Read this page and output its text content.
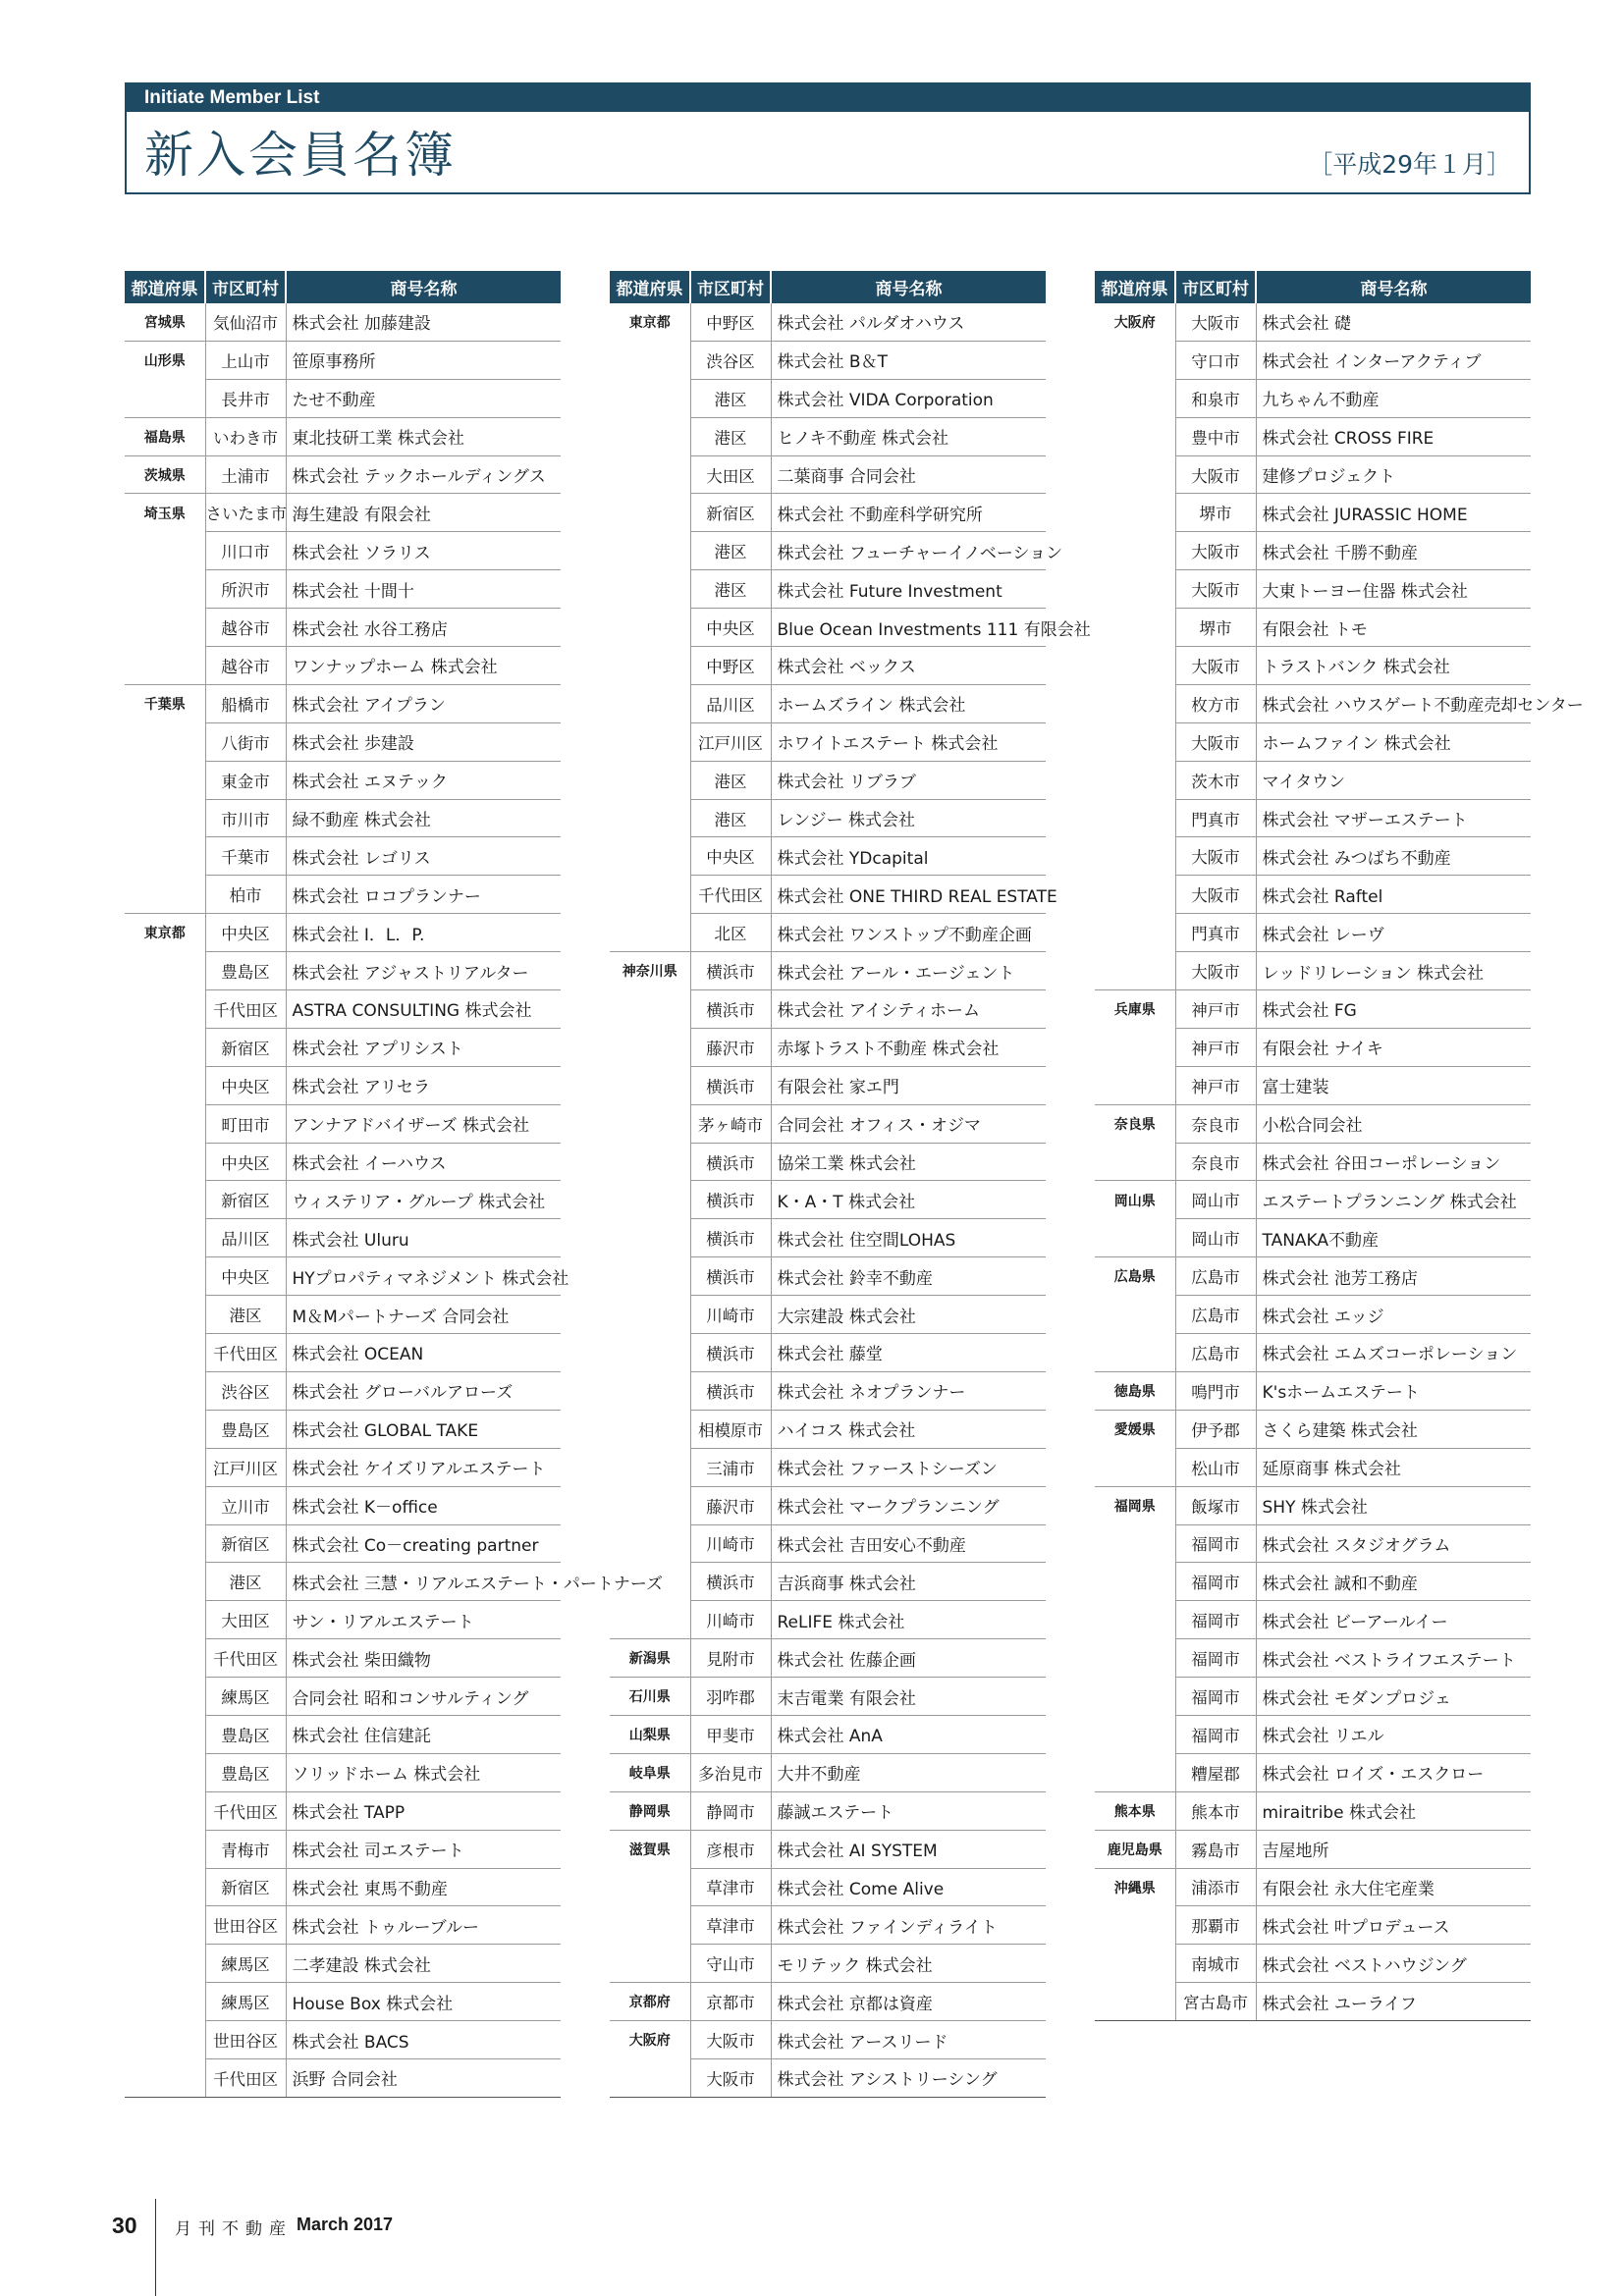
Initiate Member List
新入会員名簿	［平成29年１月］
都道府県	市区町村	商号名称
宮城県	気仙沼市	株式会社 加藤建設
山形県	上山市	笹原事務所
	長井市	たせ不動産
福島県	いわき市	東北技研工業 株式会社
茨城県	土浦市	株式会社 テックホールディングス
埼玉県	さいたま市	海生建設 有限会社
	川口市	株式会社 ソラリス
	所沢市	株式会社 十間十
	越谷市	株式会社 水谷工務店
	越谷市	ワンナップホーム 株式会社
千葉県	船橋市	株式会社 アイプラン
	八街市	株式会社 歩建設
	東金市	株式会社 エヌテック
	市川市	緑不動産 株式会社
	千葉市	株式会社 レゴリス
	柏市	株式会社 ロコプランナー
東京都	中央区	株式会社 I．L．P.
	豊島区	株式会社 アジャストリアルター
	千代田区	ASTRA CONSULTING 株式会社
	新宿区	株式会社 アプリシスト
	中央区	株式会社 アリセラ
	町田市	アンナアドバイザーズ 株式会社
	中央区	株式会社 イーハウス
	新宿区	ウィステリア・グループ 株式会社
	品川区	株式会社 Uluru
	中央区	HYプロパティマネジメント 株式会社
	港区	M＆Mパートナーズ 合同会社
	千代田区	株式会社 OCEAN
	渋谷区	株式会社 グローバルアローズ
	豊島区	株式会社 GLOBAL TAKE
	江戸川区	株式会社 ケイズリアルエステート
	立川市	株式会社 K－office
	新宿区	株式会社 Co－creating partner
	港区	株式会社 三慧・リアルエステート・パートナーズ
	大田区	サン・リアルエステート
	千代田区	株式会社 柴田織物
	練馬区	合同会社 昭和コンサルティング
	豊島区	株式会社 住信建託
	豊島区	ソリッドホーム 株式会社
	千代田区	株式会社 TAPP
	青梅市	株式会社 司エステート
	新宿区	株式会社 東馬不動産
	世田谷区	株式会社 トゥルーブルー
	練馬区	二孝建設 株式会社
	練馬区	House Box 株式会社
	世田谷区	株式会社 BACS
	千代田区	浜野 合同会社
都道府県	市区町村	商号名称
東京都	中野区	株式会社 パルダオハウス
	渋谷区	株式会社 B＆T
	港区	株式会社 VIDA Corporation
	港区	ヒノキ不動産 株式会社
	大田区	二葉商事 合同会社
	新宿区	株式会社 不動産科学研究所
	港区	株式会社 フューチャーイノベーション
	港区	株式会社 Future Investment
	中央区	Blue Ocean Investments 111 有限会社
	中野区	株式会社 ベックス
	品川区	ホームズライン 株式会社
	江戸川区	ホワイトエステート 株式会社
	港区	株式会社 リブラブ
	港区	レンジー 株式会社
	中央区	株式会社 YDcapital
	千代田区	株式会社 ONE THIRD REAL ESTATE
	北区	株式会社 ワンストップ不動産企画
神奈川県	横浜市	株式会社 アール・エージェント
	横浜市	株式会社 アイシティホーム
	藤沢市	赤塚トラスト不動産 株式会社
	横浜市	有限会社 家エ門
	茅ヶ崎市	合同会社 オフィス・オジマ
	横浜市	協栄工業 株式会社
	横浜市	K・A・T 株式会社
	横浜市	株式会社 住空間LOHAS
	横浜市	株式会社 鈴幸不動産
	川崎市	大宗建設 株式会社
	横浜市	株式会社 藤堂
	横浜市	株式会社 ネオプランナー
	相模原市	ハイコス 株式会社
	三浦市	株式会社 ファーストシーズン
	藤沢市	株式会社 マークプランニング
	川崎市	株式会社 吉田安心不動産
	横浜市	吉浜商事 株式会社
	川崎市	ReLIFE 株式会社
新潟県	見附市	株式会社 佐藤企画
石川県	羽咋郡	末吉電業 有限会社
山梨県	甲斐市	株式会社 AnA
岐阜県	多治見市	大井不動産
静岡県	静岡市	藤誠エステート
滋賀県	彦根市	株式会社 AI SYSTEM
	草津市	株式会社 Come Alive
	草津市	株式会社 ファインディライト
	守山市	モリテック 株式会社
京都府	京都市	株式会社 京都は資産
大阪府	大阪市	株式会社 アースリード
	大阪市	株式会社 アシストリーシング
都道府県	市区町村	商号名称
大阪府	大阪市	株式会社 礎
	守口市	株式会社 インターアクティブ
	和泉市	九ちゃん不動産
	豊中市	株式会社 CROSS FIRE
	大阪市	建修プロジェクト
	堺市	株式会社 JURASSIC HOME
	大阪市	株式会社 千勝不動産
	大阪市	大東トーヨー住器 株式会社
	堺市	有限会社 トモ
	大阪市	トラストバンク 株式会社
	枚方市	株式会社 ハウスゲート不動産売却センター
	大阪市	ホームファイン 株式会社
	茨木市	マイタウン
	門真市	株式会社 マザーエステート
	大阪市	株式会社 みつばち不動産
	大阪市	株式会社 Raftel
	門真市	株式会社 レーヴ
	大阪市	レッドリレーション 株式会社
兵庫県	神戸市	株式会社 FG
	神戸市	有限会社 ナイキ
	神戸市	富士建装
奈良県	奈良市	小松合同会社
	奈良市	株式会社 谷田コーポレーション
岡山県	岡山市	エステートプランニング 株式会社
	岡山市	TANAKA不動産
広島県	広島市	株式会社 池芳工務店
	広島市	株式会社 エッジ
	広島市	株式会社 エムズコーポレーション
徳島県	鳴門市	K'sホームエステート
愛媛県	伊予郡	さくら建築 株式会社
	松山市	延原商事 株式会社
福岡県	飯塚市	SHY 株式会社
	福岡市	株式会社 スタジオグラム
	福岡市	株式会社 誠和不動産
	福岡市	株式会社 ビーアールイー
	福岡市	株式会社 ベストライフエステート
	福岡市	株式会社 モダンプロジェ
	福岡市	株式会社 リエル
	糟屋郡	株式会社 ロイズ・エスクロー
熊本県	熊本市	miraitribe 株式会社
鹿児島県	霧島市	吉屋地所
沖縄県	浦添市	有限会社 永大住宅産業
	那覇市	株式会社 叶プロデュース
	南城市	株式会社 ベストハウジング
	宮古島市	株式会社 ユーライフ
30 月刊不動産 March 2017
